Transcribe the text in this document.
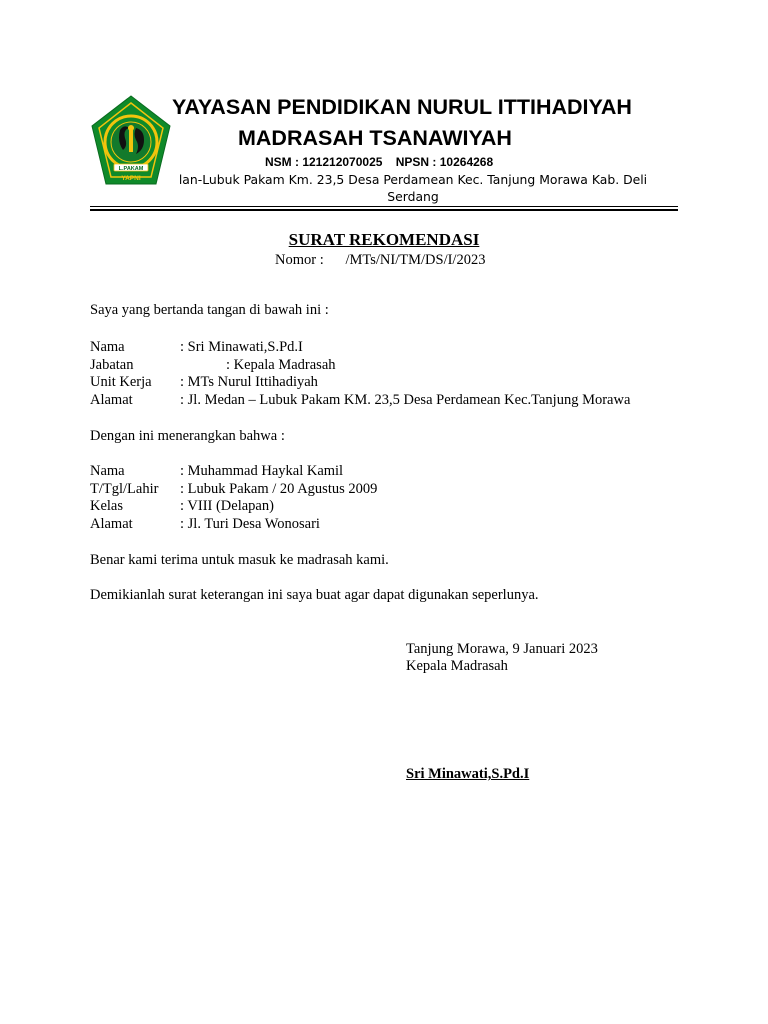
L.PAKAM
YAPNI
YAYASAN PENDIDIKAN NURUL ITTIHADIYAH
MADRASAH TSANAWIYAH
NSM : 121212070025    NPSN : 10264268
lan-Lubuk Pakam Km. 23,5 Desa Perdamean Kec. Tanjung Morawa Kab. Deli
Serdang
SURAT REKOMENDASI
Nomor :      /MTs/NI/TM/DS/I/2023
Saya yang bertanda tangan di bawah ini :
Nama	: Sri Minawati,S.Pd.I
Jabatan	: Kepala Madrasah
Unit Kerja : MTs Nurul Ittihadiyah
Alamat	: Jl. Medan – Lubuk Pakam KM. 23,5 Desa Perdamean Kec.Tanjung Morawa
Dengan ini menerangkan bahwa :
Nama	: Muhammad Haykal Kamil
T/Tgl/Lahir : Lubuk Pakam / 20 Agustus 2009
Kelas	: VIII (Delapan)
Alamat	: Jl. Turi Desa Wonosari
Benar kami terima untuk masuk ke madrasah kami.
Demikianlah surat keterangan ini saya buat agar dapat digunakan seperlunya.
Tanjung Morawa, 9 Januari 2023
Kepala Madrasah
Sri Minawati,S.Pd.I
